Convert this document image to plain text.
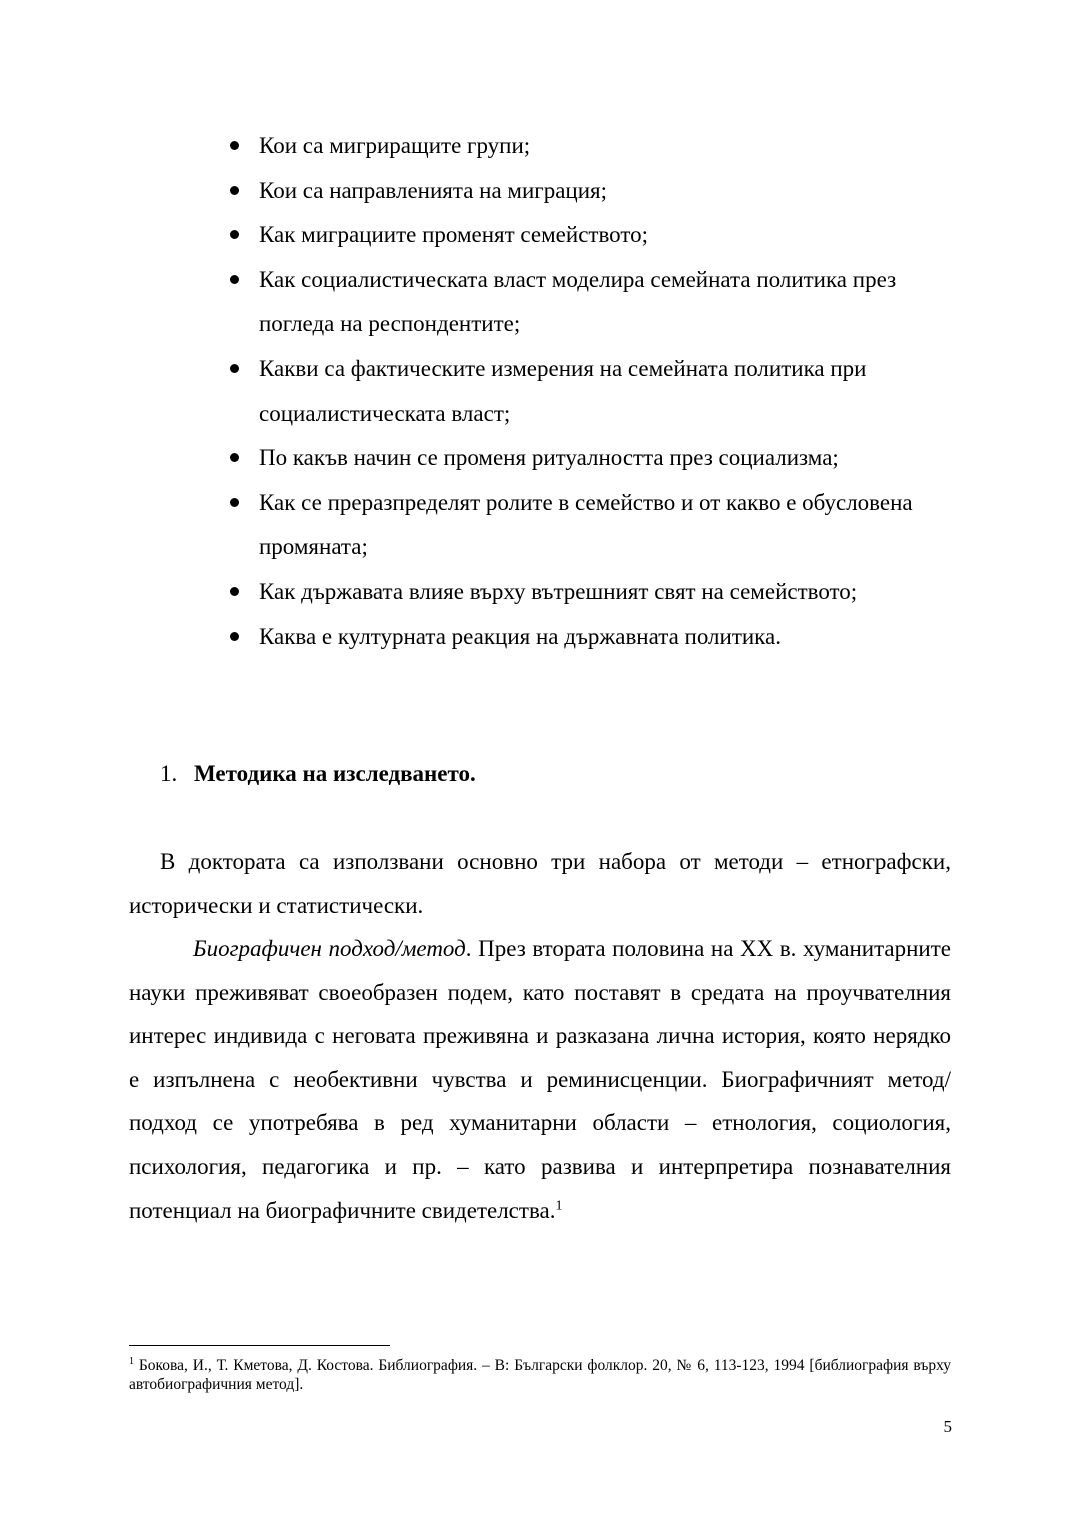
Кои са мигриращите групи;
Кои са направленията на миграция;
Как миграциите променят семейството;
Как социалистическата власт моделира семейната политика през погледа на респондентите;
Какви са фактическите измерения на семейната политика при социалистическата власт;
По какъв начин се променя ритуалността през социализма;
Как се преразпределят ролите в семейство и от какво е обусловена промяната;
Как държавата влияе върху вътрешният свят на семейството;
Каква е културната реакция на държавната политика.
1. Методика на изследването.

В доктората са използвани основно три набора от методи – етнографски, исторически и статистически.

Биографичен подход/метод. През втората половина на ХХ в. хуманитарните науки преживяват своеобразен подем, като поставят в средата на проучвателния интерес индивида с неговата преживяна и разказана лична история, която нерядко е изпълнена с необективни чувства и реминисценции. Биографичният метод/подход се употребява в ред хуманитарни области – етнология, социология, психология, педагогика и пр. – като развива и интерпретира познавателния потенциал на биографичните свидетелства.$^1$

$^1$ Бокова, И., Т. Кметова, Д. Костова. Библиография. – В: Български фолклор. 20, № 6, 113-123, 1994 [библиография върху автобиографичния метод].

5
